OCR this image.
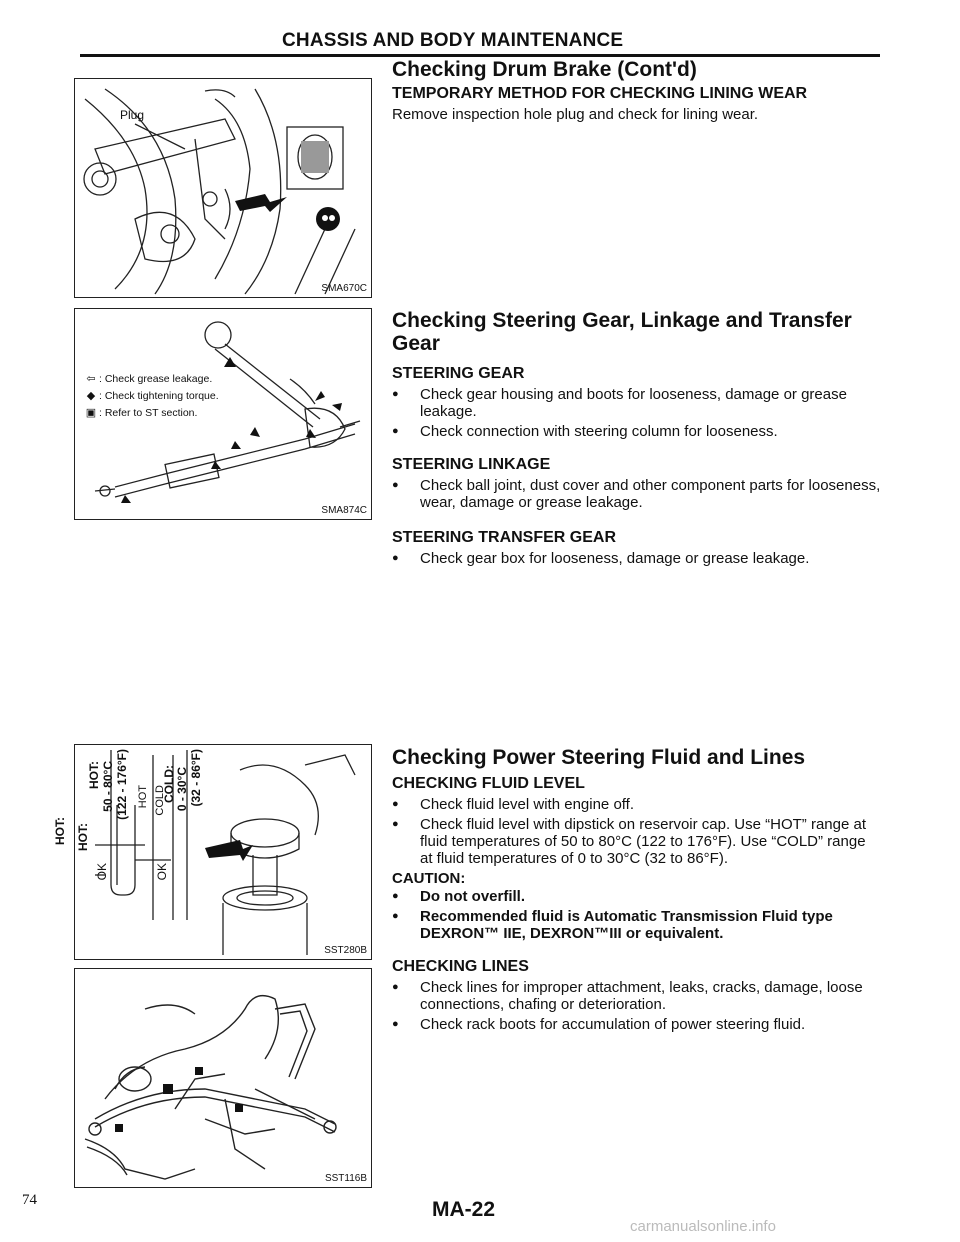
CHASSIS AND BODY MAINTENANCE
Plug
SMA670C
⇦ : Check grease leakage.
◆ : Check tightening torque.
▣ : Refer to ST section.
SMA874C
HOT:
HOT:
HOT: 50 - 80°C (122 - 176°F) HOT COLD
COLD: 0 - 30°C (32 - 86°F)
OK	OK
SST280B
SST116B
Checking Drum Brake (Cont'd)
TEMPORARY METHOD FOR CHECKING LINING WEAR
Remove inspection hole plug and check for lining wear.
Checking Steering Gear, Linkage and Transfer Gear
STEERING GEAR
● Check gear housing and boots for looseness, damage or grease leakage.
● Check connection with steering column for looseness.
STEERING LINKAGE
● Check ball joint, dust cover and other component parts for looseness, wear, damage or grease leakage.
STEERING TRANSFER GEAR
● Check gear box for looseness, damage or grease leakage.
Checking Power Steering Fluid and Lines
CHECKING FLUID LEVEL
● Check fluid level with engine off.
● Check fluid level with dipstick on reservoir cap. Use “HOT” range at fluid temperatures of 50 to 80°C (122 to 176°F). Use “COLD” range at fluid temperatures of 0 to 30°C (32 to 86°F).
CAUTION:
● Do not overfill.
● Recommended fluid is Automatic Transmission Fluid type DEXRON™ IIE, DEXRON™III or equivalent.
CHECKING LINES
● Check lines for improper attachment, leaks, cracks, damage, loose connections, chafing or deterioration.
● Check rack boots for accumulation of power steering fluid.
74	MA-22
carmanualsonline.info
